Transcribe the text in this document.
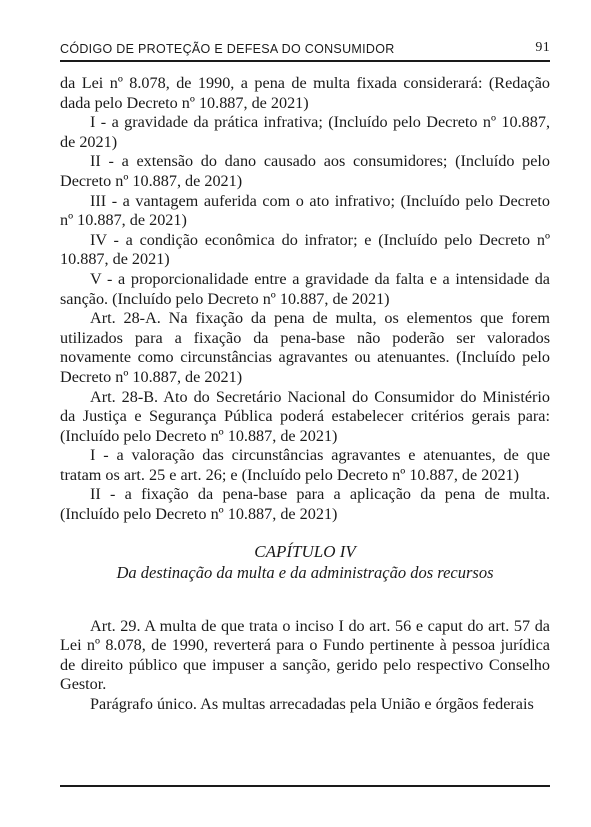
CÓDIGO DE PROTEÇÃO E DEFESA DO CONSUMIDOR	91

da Lei nº 8.078, de 1990, a pena de multa fixada considerará: (Redação dada pelo Decreto nº 10.887, de 2021)

I - a gravidade da prática infrativa; (Incluído pelo Decreto nº 10.887, de 2021)

II - a extensão do dano causado aos consumidores; (Incluído pelo Decreto nº 10.887, de 2021)

III - a vantagem auferida com o ato infrativo; (Incluído pelo Decreto nº 10.887, de 2021)

IV - a condição econômica do infrator; e (Incluído pelo Decreto nº 10.887, de 2021)

V - a proporcionalidade entre a gravidade da falta e a intensidade da sanção. (Incluído pelo Decreto nº 10.887, de 2021)

Art. 28-A. Na fixação da pena de multa, os elementos que forem utilizados para a fixação da pena-base não poderão ser valorados novamente como circunstâncias agravantes ou atenuantes. (Incluído pelo Decreto nº 10.887, de 2021)

Art. 28-B. Ato do Secretário Nacional do Consumidor do Ministério da Justiça e Segurança Pública poderá estabelecer critérios gerais para: (Incluído pelo Decreto nº 10.887, de 2021)

I - a valoração das circunstâncias agravantes e atenuantes, de que tratam os art. 25 e art. 26; e (Incluído pelo Decreto nº 10.887, de 2021)

II - a fixação da pena-base para a aplicação da pena de multa. (Incluído pelo Decreto nº 10.887, de 2021)

CAPÍTULO IV
Da destinação da multa e da administração dos recursos

Art. 29. A multa de que trata o inciso I do art. 56 e caput do art. 57 da Lei nº 8.078, de 1990, reverterá para o Fundo pertinente à pessoa jurídica de direito público que impuser a sanção, gerido pelo respectivo Conselho Gestor.

Parágrafo único. As multas arrecadadas pela União e órgãos federais
